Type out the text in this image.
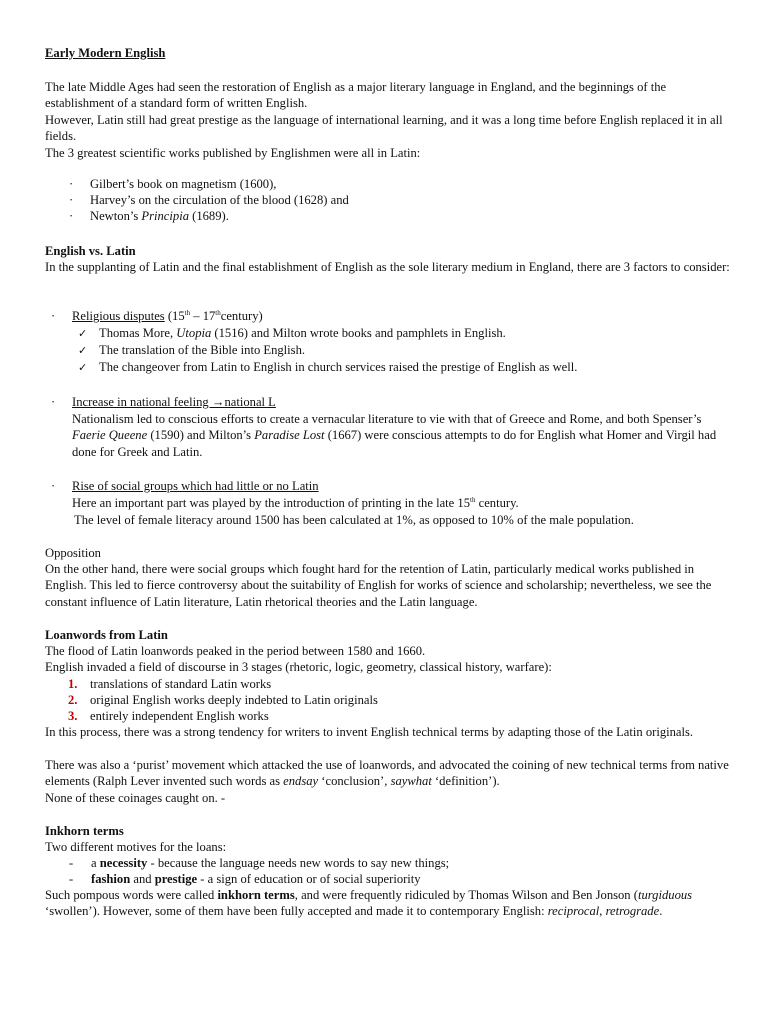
Early Modern English

The late Middle Ages had seen the restoration of English as a major literary language in England, and the beginnings of the establishment of a standard form of written English.

However, Latin still had great prestige as the language of international learning, and it was a long time before English replaced it in all fields.

The 3 greatest scientific works published by Englishmen were all in Latin:

·	Gilbert’s book on magnetism (1600),
·	Harvey’s on the circulation of the blood (1628) and
·	Newton’s Principia (1689).

English vs. Latin

In the supplanting of Latin and the final establishment of English as the sole literary medium in England, there are 3 factors to consider:

· Religious disputes (15th – 17thcentury)
✓ Thomas More, Utopia (1516) and Milton wrote books and pamphlets in English.
✓ The translation of the Bible into English.
✓ The changeover from Latin to English in church services raised the prestige of English as well.
· Increase in national feeling →national L
Nationalism led to conscious efforts to create a vernacular literature to vie with that of Greece and Rome, and both Spenser’s Faerie Queene (1590) and Milton’s Paradise Lost (1667) were conscious attempts to do for English what Homer and Virgil had done for Greek and Latin.
· Rise of social groups which had little or no Latin
Here an important part was played by the introduction of printing in the late 15th century.
The level of female literacy around 1500 has been calculated at 1%, as opposed to 10% of the male population.

Opposition

On the other hand, there were social groups which fought hard for the retention of Latin, particularly medical works published in English. This led to fierce controversy about the suitability of English for works of science and scholarship; nevertheless, we see the constant influence of Latin literature, Latin rhetorical theories and the Latin language.

Loanwords from Latin

The flood of Latin loanwords peaked in the period between 1580 and 1660.

English invaded a field of discourse in 3 stages (rhetoric, logic, geometry, classical history, warfare):

1. translations of standard Latin works
2. original English works deeply indebted to Latin originals
3. entirely independent English works

In this process, there was a strong tendency for writers to invent English technical terms by adapting those of the Latin originals.

There was also a ‘purist’ movement which attacked the use of loanwords, and advocated the coining of new technical terms from native elements (Ralph Lever invented such words as endsay ‘conclusion’, saywhat ‘definition’).

None of these coinages caught on. -

Inkhorn terms

Two different motives for the loans:

- a necessity - because the language needs new words to say new things;
- fashion and prestige - a sign of education or of social superiority

Such pompous words were called inkhorn terms, and were frequently ridiculed by Thomas Wilson and Ben Jonson (turgiduous ‘swollen’). However, some of them have been fully accepted and made it to contemporary English: reciprocal, retrograde.
